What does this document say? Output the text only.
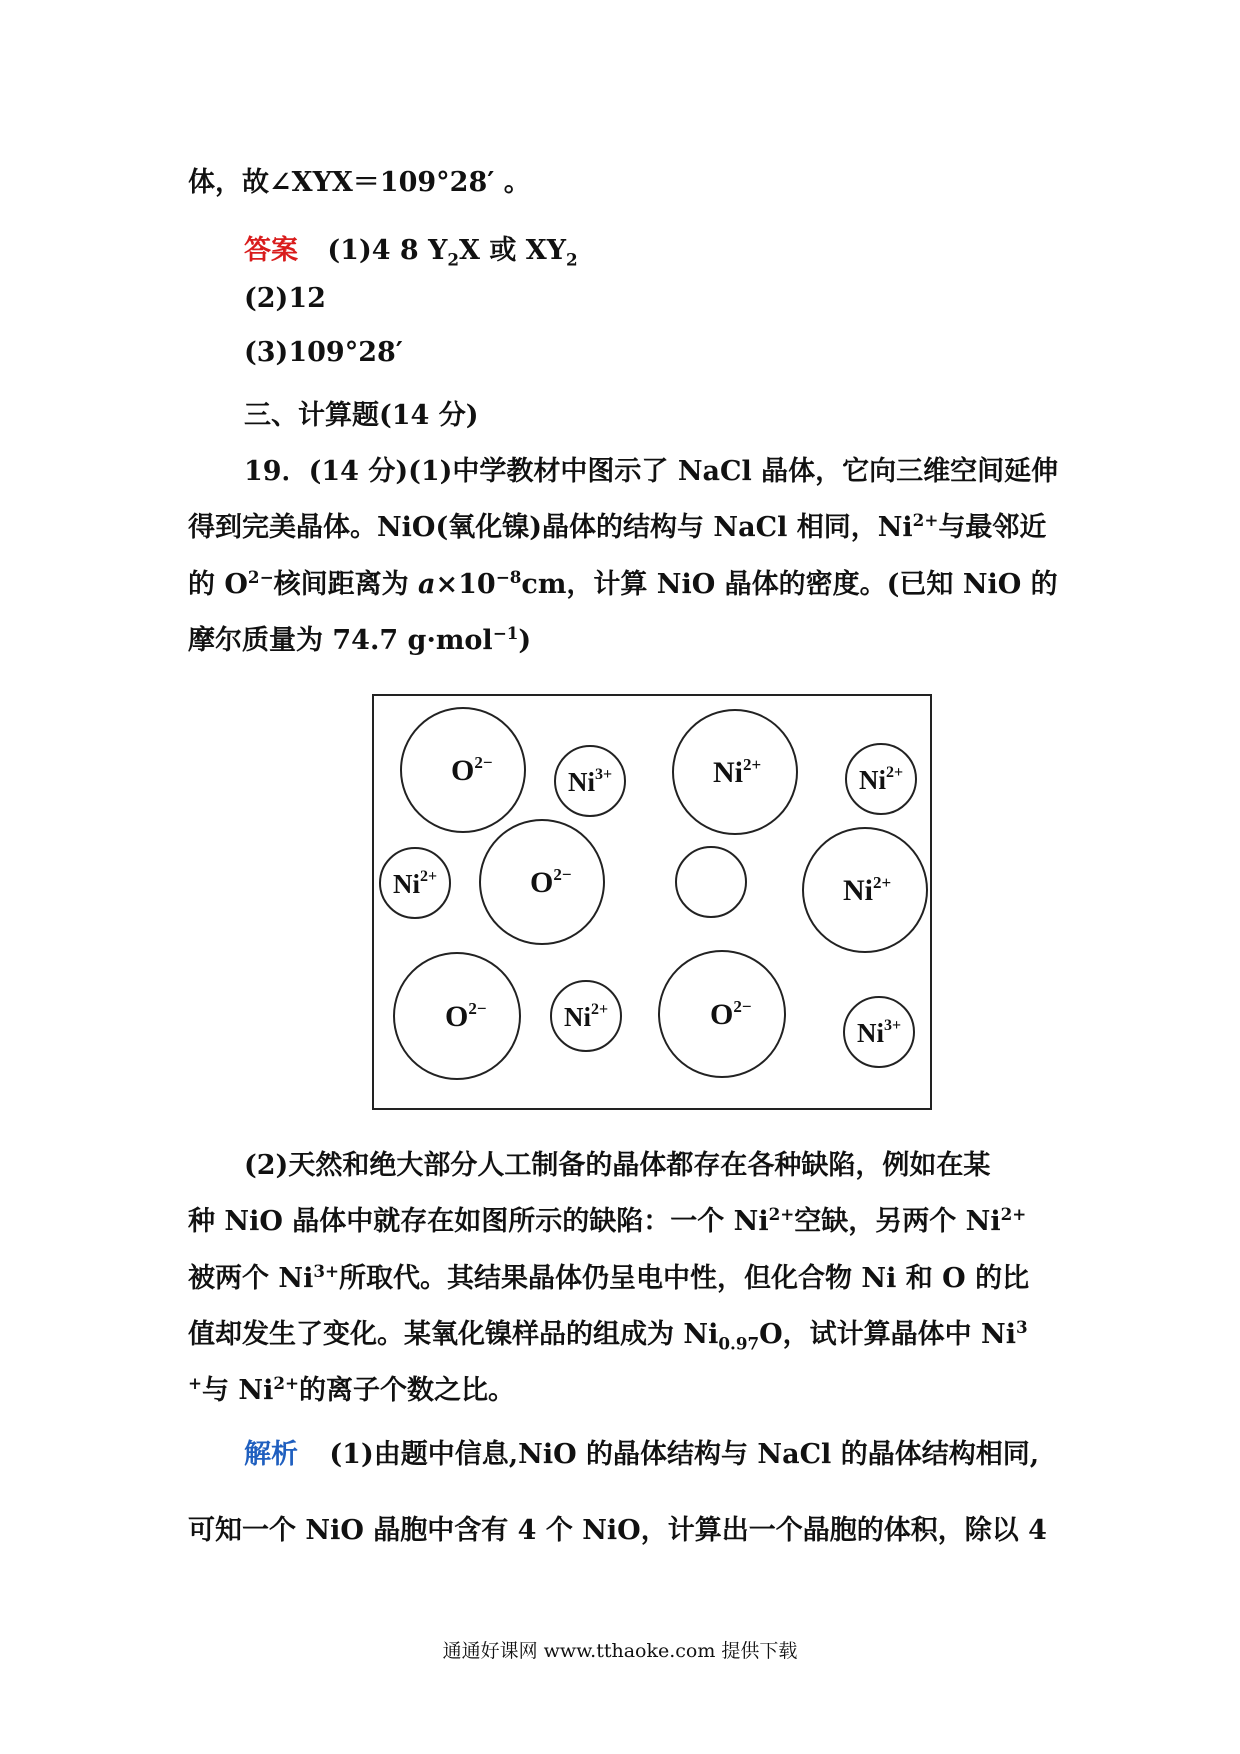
体，故∠XYX＝109°28′ 。
答案 (1)4 8 $Y_2X$ 或 $XY_2$
(2)12
(3)109°28′
三、计算题(14 分)
19．(14 分)(1)中学教材中图示了 NaCl 晶体，它向三维空间延伸
得到完美晶体。NiO(氧化镍)晶体的结构与 NaCl 相同，$Ni^{2+}$与最邻近
的 $O^{2-}$核间距离为 $a\times 10^{-8}cm$，计算 NiO 晶体的密度。(已知 NiO 的
摩尔质量为 74.7 g·mol$^{-1}$)
$O^{2-}$
$Ni^{3+}$	$Ni^{2+}$
$Ni^{2+}$
$Ni^{2+}$	$O^{2-}$	$Ni^{2+}$
$O^{2-}$	$Ni^{2+}$	$O^{2-}$
$Ni^{3+}$
(2)天然和绝大部分人工制备的晶体都存在各种缺陷，例如在某
种 NiO 晶体中就存在如图所示的缺陷：一个 $Ni^{2+}$空缺，另两个 $Ni^{2+}$
被两个 $Ni^{3+}$所取代。其结果晶体仍呈电中性，但化合物 Ni 和 O 的比
值却发生了变化。某氧化镍样品的组成为 $Ni_{0.97}O$，试计算晶体中 Ni$^3$
+与 $Ni^{2+}$的离子个数之比。
解析 (1)由题中信息,NiO 的晶体结构与 NaCl 的晶体结构相同,
可知一个 NiO 晶胞中含有 4 个 NiO，计算出一个晶胞的体积，除以 4
通通好课网 www.tthaoke.com 提供下载
